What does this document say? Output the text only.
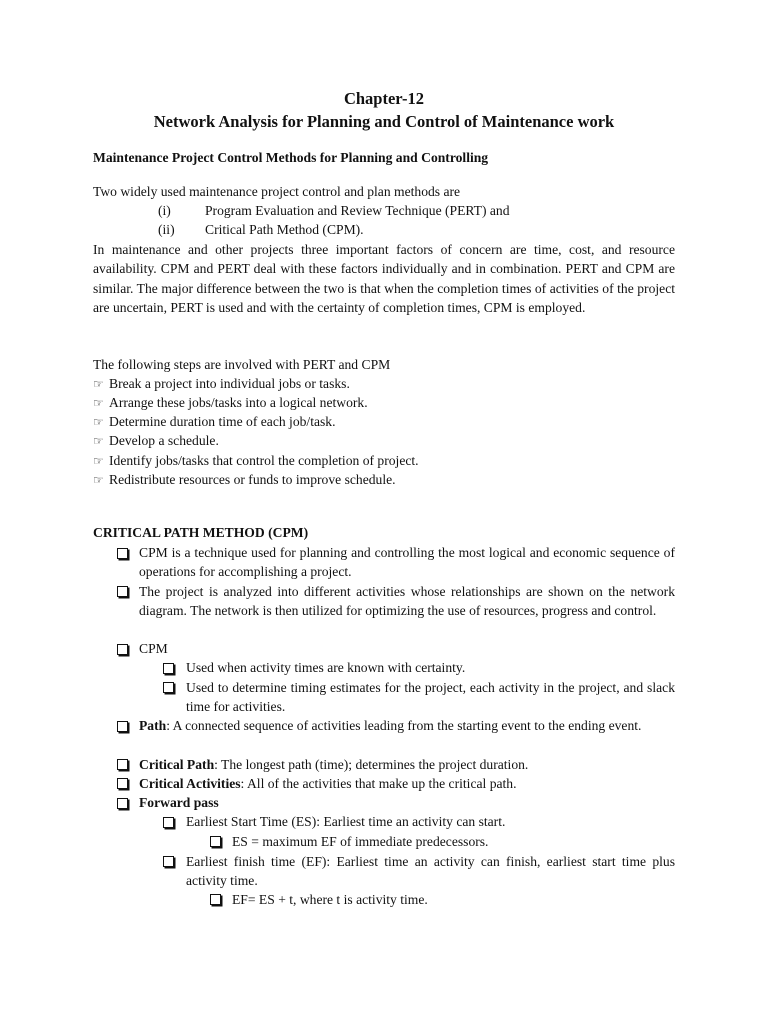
Chapter-12
Network Analysis for Planning and Control of Maintenance work
Maintenance Project Control Methods for Planning and Controlling
Two widely used maintenance project control and plan methods are
(i)	Program Evaluation and Review Technique (PERT) and
(ii) Critical Path Method (CPM).
In maintenance and other projects three important factors of concern are time, cost, and resource availability. CPM and PERT deal with these factors individually and in combination. PERT and CPM are similar. The major difference between the two is that when the completion times of activities of the project are uncertain, PERT is used and with the certainty of completion times, CPM is employed.
The following steps are involved with PERT and CPM
☞ Break a project into individual jobs or tasks.
☞ Arrange these jobs/tasks into a logical network.
☞ Determine duration time of each job/task.
☞ Develop a schedule.
☞ Identify jobs/tasks that control the completion of project.
☞ Redistribute resources or funds to improve schedule.
CRITICAL PATH METHOD (CPM)
CPM is a technique used for planning and controlling the most logical and economic sequence of operations for accomplishing a project.
The project is analyzed into different activities whose relationships are shown on the network diagram. The network is then utilized for optimizing the use of resources, progress and control.
CPM
Used when activity times are known with certainty.
Used to determine timing estimates for the project, each activity in the project, and slack time for activities.
Path: A connected sequence of activities leading from the starting event to the ending event.
Critical Path: The longest path (time); determines the project duration.
Critical Activities: All of the activities that make up the critical path.
Forward pass
Earliest Start Time (ES): Earliest time an activity can start.
ES = maximum EF of immediate predecessors.
Earliest finish time (EF): Earliest time an activity can finish, earliest start time plus activity time.
EF= ES + t, where t is activity time.
